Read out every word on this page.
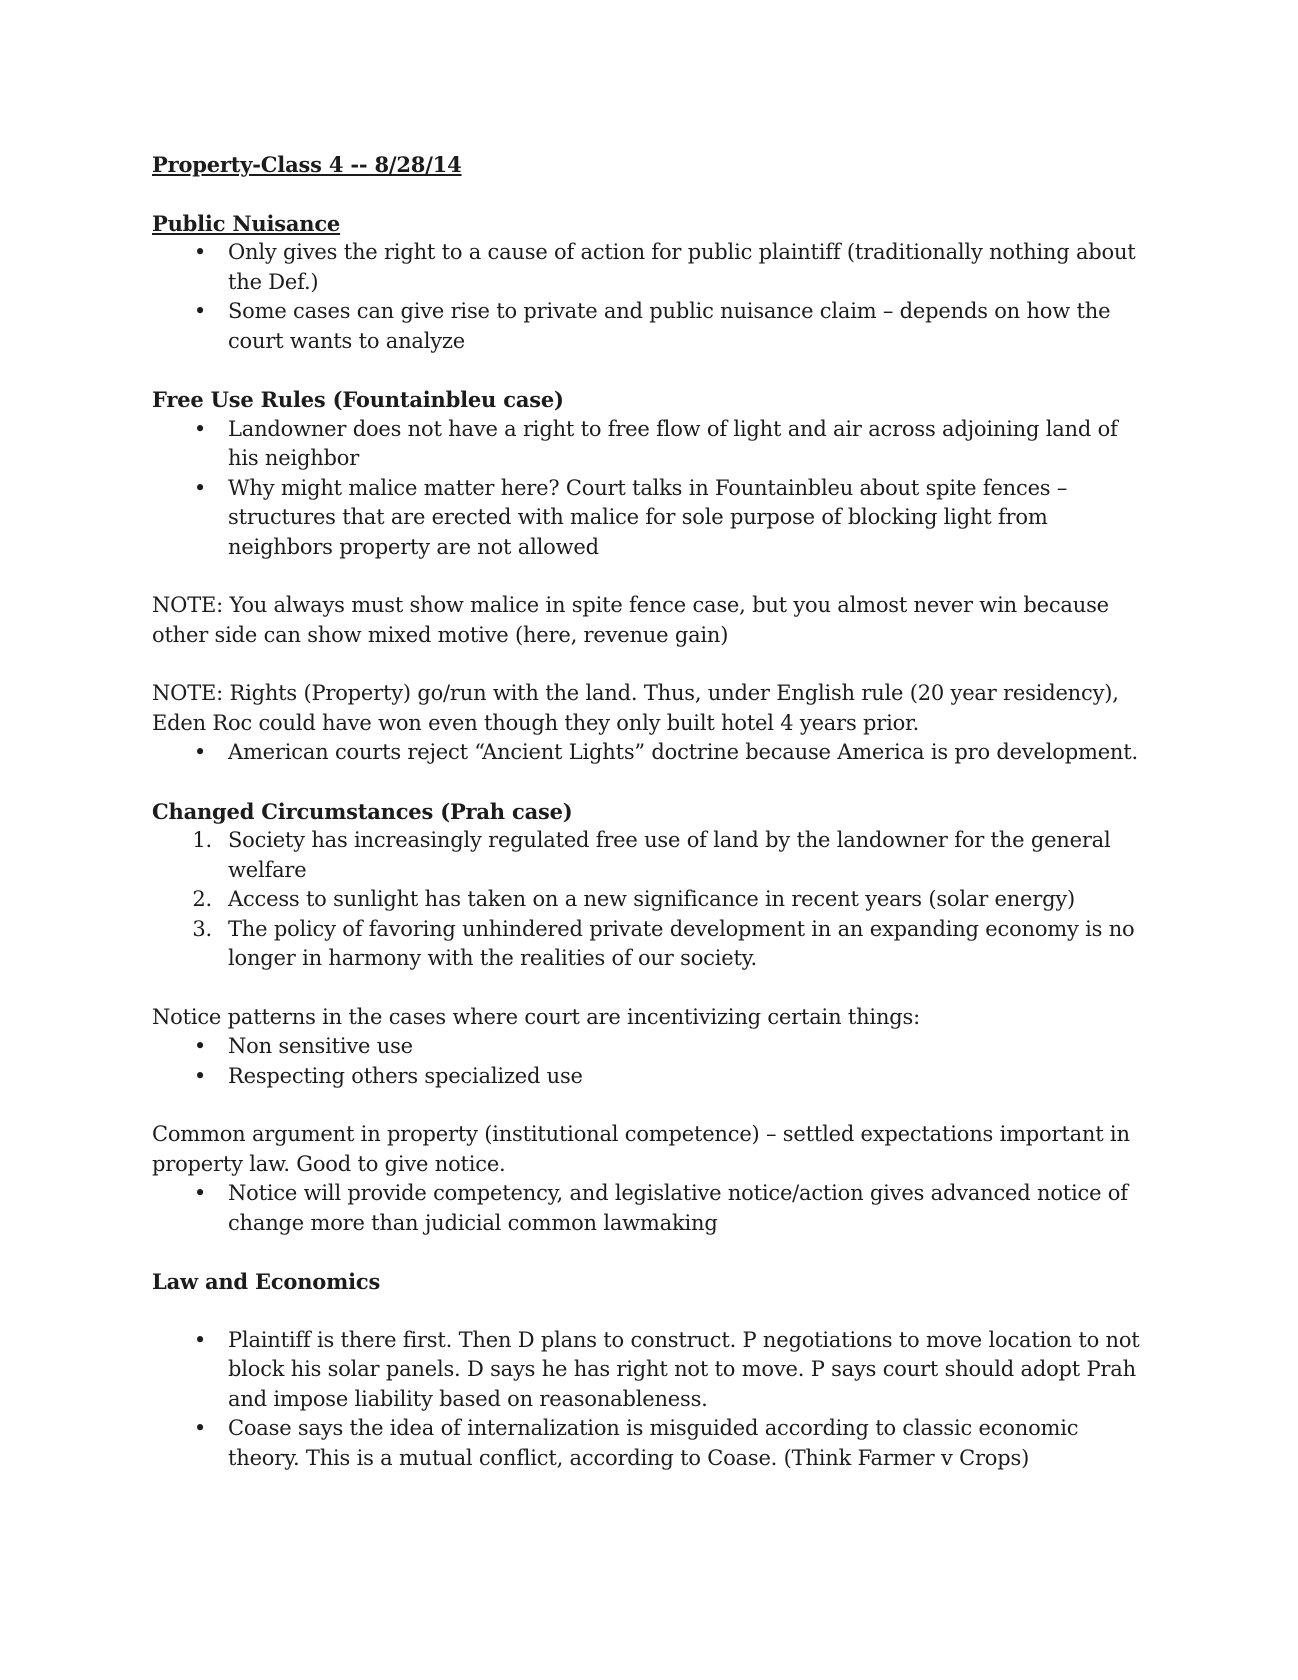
Property-Class 4 -- 8/28/14

Public Nuisance

• Only gives the right to a cause of action for public plaintiff (traditionally nothing about the Def.)
• Some cases can give rise to private and public nuisance claim – depends on how the court wants to analyze

Free Use Rules (Fountainbleu case)

• Landowner does not have a right to free flow of light and air across adjoining land of his neighbor
• Why might malice matter here? Court talks in Fountainbleu about spite fences – structures that are erected with malice for sole purpose of blocking light from neighbors property are not allowed

NOTE: You always must show malice in spite fence case, but you almost never win because other side can show mixed motive (here, revenue gain)

NOTE: Rights (Property) go/run with the land. Thus, under English rule (20 year residency), Eden Roc could have won even though they only built hotel 4 years prior.

• American courts reject “Ancient Lights” doctrine because America is pro development.

Changed Circumstances (Prah case)

1. Society has increasingly regulated free use of land by the landowner for the general welfare
2. Access to sunlight has taken on a new significance in recent years (solar energy)
3. The policy of favoring unhindered private development in an expanding economy is no longer in harmony with the realities of our society.

Notice patterns in the cases where court are incentivizing certain things:

• Non sensitive use
• Respecting others specialized use

Common argument in property (institutional competence) – settled expectations important in property law. Good to give notice.

• Notice will provide competency, and legislative notice/action gives advanced notice of change more than judicial common lawmaking

Law and Economics

• Plaintiff is there first. Then D plans to construct. P negotiations to move location to not block his solar panels. D says he has right not to move. P says court should adopt Prah and impose liability based on reasonableness.
• Coase says the idea of internalization is misguided according to classic economic theory. This is a mutual conflict, according to Coase. (Think Farmer v Crops)
